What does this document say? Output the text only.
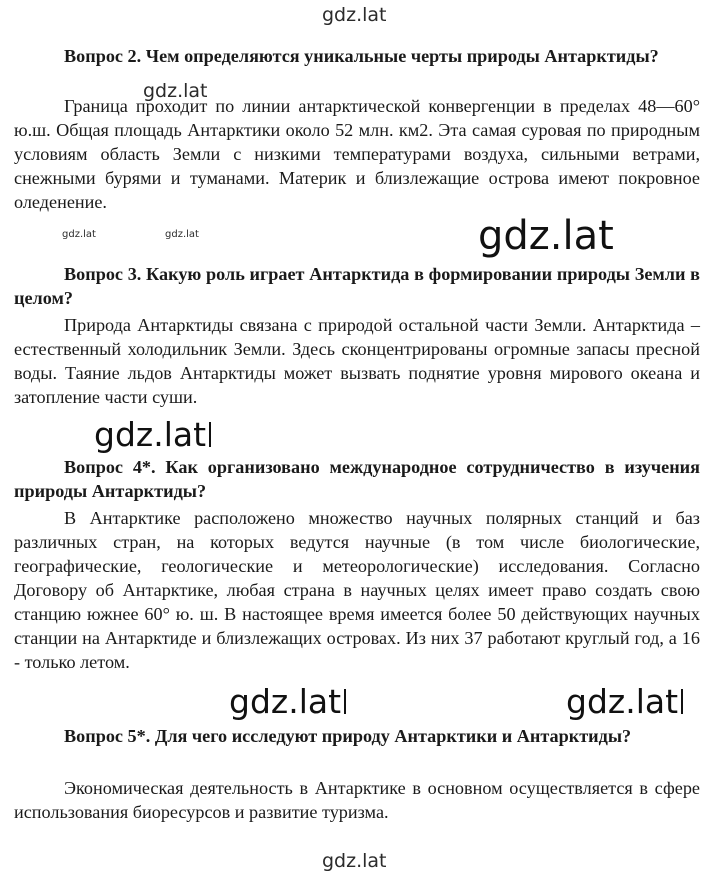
Вопрос 2. Чем определяются уникальные черты природы Антарктиды?

Граница проходит по линии антарктической конвергенции в пределах 48—60° ю.ш. Общая площадь Антарктики около 52 млн. км2. Эта самая суровая по природным условиям область Земли с низкими температурами воздуха, сильными ветрами, снежными бурями и туманами. Материк и близлежащие острова имеют покровное оледенение.

Вопрос 3. Какую роль играет Антарктида в формировании природы Земли в целом?

Природа Антарктиды связана с природой остальной части Земли. Антарктида – естественный холодильник Земли. Здесь сконцентрированы огромные запасы пресной воды. Таяние льдов Антарктиды может вызвать поднятие уровня мирового океана и затопление части суши.

Вопрос 4*. Как организовано международное сотрудничество в изучения природы Антарктиды?

В Антарктике расположено множество научных полярных станций и баз различных стран, на которых ведутся научные (в том числе биологические, географические, геологические и метеорологические) исследования. Согласно Договору об Антарктике, любая страна в научных целях имеет право создать свою станцию южнее 60° ю. ш. В настоящее время имеется более 50 действующих научных станции на Антарктиде и близлежащих островах. Из них 37 работают круглый год, а 16 - только летом.

Вопрос 5*. Для чего исследуют природу Антарктики и Антарктиды?

Экономическая деятельность в Антарктике в основном осуществляется в сфере использования биоресурсов и развитие туризма.

gdz.lat
gdz.lat
gdz.lat	gdz.lat	gdz.lat
gdz.lat
gdz.lat	gdz.lat
gdz.lat
